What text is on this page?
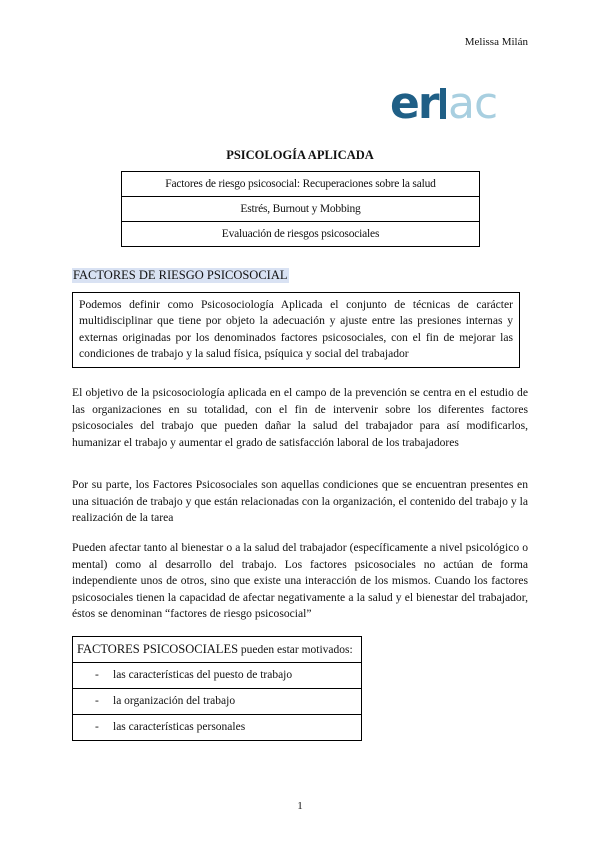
Melissa Milán
er ac
PSICOLOGÍA APLICADA
Factores de riesgo psicosocial: Recuperaciones sobre la salud
Estrés, Burnout y Mobbing
Evaluación de riesgos psicosociales
FACTORES DE RIESGO PSICOSOCIAL
Podemos definir como Psicosociología Aplicada el conjunto de técnicas de carácter multidisciplinar que tiene por objeto la adecuación y ajuste entre las presiones internas y externas originadas por los denominados factores psicosociales, con el fin de mejorar las condiciones de trabajo y la salud física, psíquica y social del trabajador

El objetivo de la psicosociología aplicada en el campo de la prevención se centra en el estudio de las organizaciones en su totalidad, con el fin de intervenir sobre los diferentes factores psicosociales del trabajo que pueden dañar la salud del trabajador para así modificarlos, humanizar el trabajo y aumentar el grado de satisfacción laboral de los trabajadores

Por su parte, los Factores Psicosociales son aquellas condiciones que se encuentran presentes en una situación de trabajo y que están relacionadas con la organización, el contenido del trabajo y la realización de la tarea

Pueden afectar tanto al bienestar o a la salud del trabajador (específicamente a nivel psicológico o mental) como al desarrollo del trabajo. Los factores psicosociales no actúan de forma independiente unos de otros, sino que existe una interacción de los mismos. Cuando los factores psicosociales tienen la capacidad de afectar negativamente a la salud y el bienestar del trabajador, éstos se denominan “factores de riesgo psicosocial”

FACTORES PSICOSOCIALES pueden estar motivados:
- las características del puesto de trabajo
- la organización del trabajo
- las características personales
1
